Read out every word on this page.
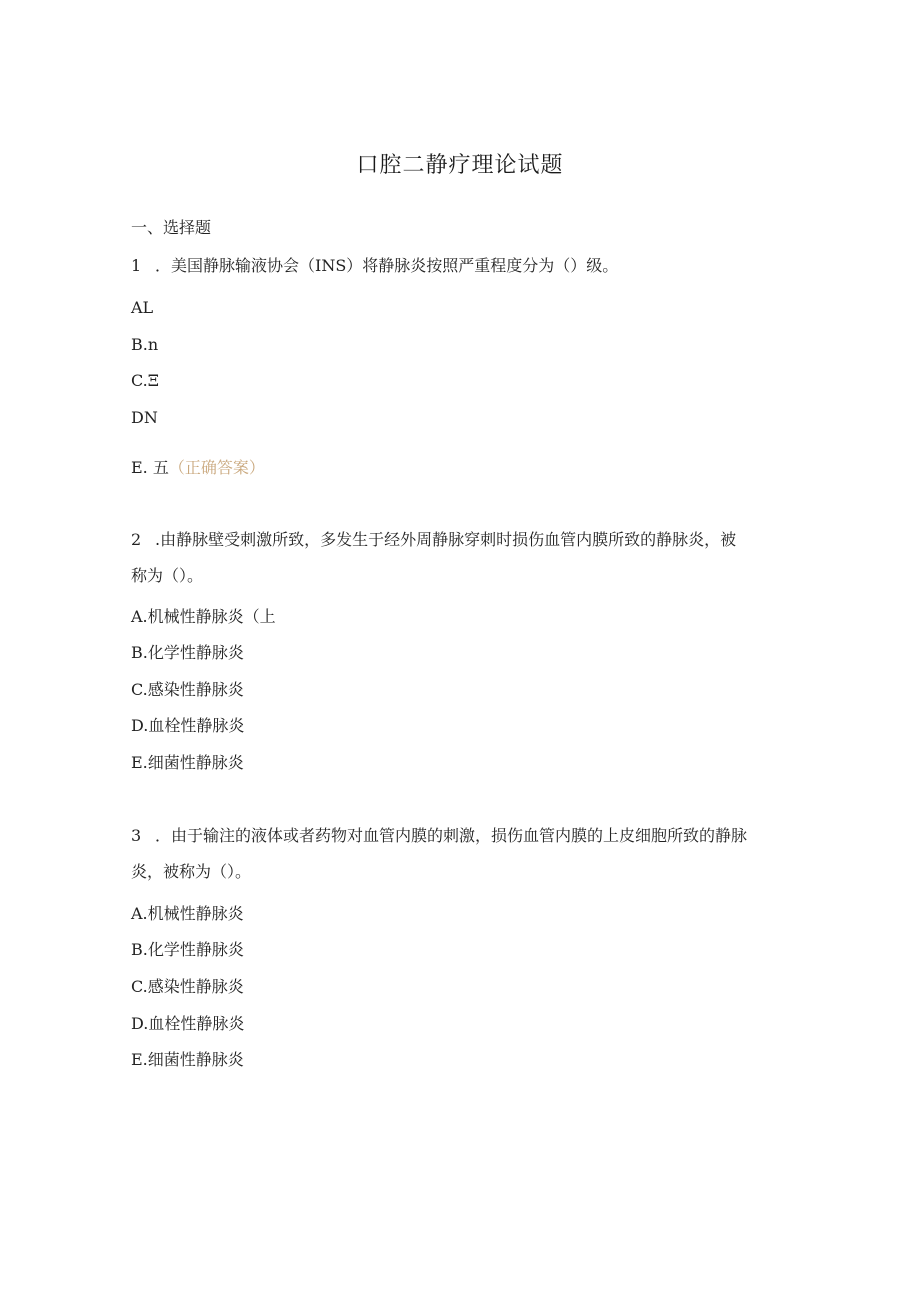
口腔二静疗理论试题
一、选择题
1 ．美国静脉输液协会（INS）将静脉炎按照严重程度分为（）级。
AL
B.n
C.Ξ
DN
E. 五（正确答案）
2 .由静脉壁受刺激所致，多发生于经外周静脉穿刺时损伤血管内膜所致的静脉炎，被
称为（）。
A.机械性静脉炎（上
B.化学性静脉炎
C.感染性静脉炎
D.血栓性静脉炎
E.细菌性静脉炎
3 ．由于输注的液体或者药物对血管内膜的刺激，损伤血管内膜的上皮细胞所致的静脉
炎，被称为（）。
A.机械性静脉炎
B.化学性静脉炎
C.感染性静脉炎
D.血栓性静脉炎
E.细菌性静脉炎
